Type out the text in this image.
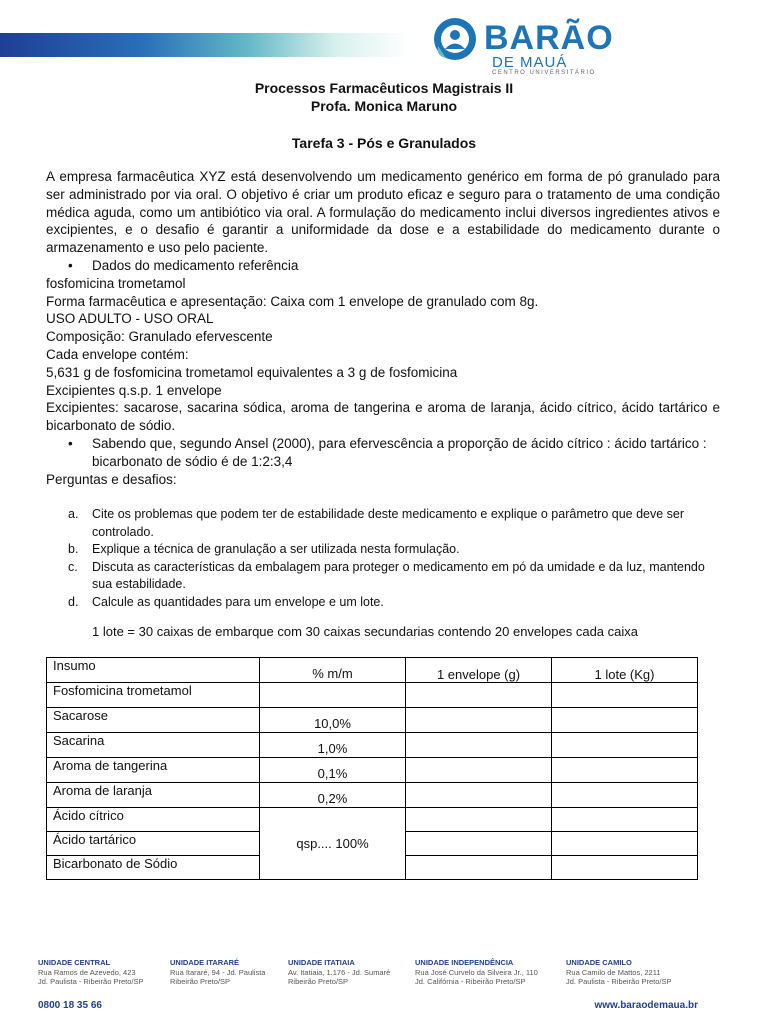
BARÃO
DE MAUÁ
CENTRO UNIVERSITÁRIO
Processos Farmacêuticos Magistrais II
Profa. Monica Maruno
Tarefa 3 - Pós e Granulados

A empresa farmacêutica XYZ está desenvolvendo um medicamento genérico em forma de pó granulado para ser administrado por via oral. O objetivo é criar um produto eficaz e seguro para o tratamento de uma condição médica aguda, como um antibiótico via oral. A formulação do medicamento inclui diversos ingredientes ativos e excipientes, e o desafio é garantir a uniformidade da dose e a estabilidade do medicamento durante o armazenamento e uso pelo paciente.

• Dados do medicamento referência

fosfomicina trometamol

Forma farmacêutica e apresentação: Caixa com 1 envelope de granulado com 8g.

USO ADULTO - USO ORAL

Composição: Granulado efervescente

Cada envelope contém:

5,631 g de fosfomicina trometamol equivalentes a 3 g de fosfomicina

Excipientes q.s.p. 1 envelope

Excipientes: sacarose, sacarina sódica, aroma de tangerina e aroma de laranja, ácido cítrico, ácido tartárico e bicarbonato de sódio.

• Sabendo que, segundo Ansel (2000), para efervescência a proporção de ácido cítrico : ácido tartárico : bicarbonato de sódio é de 1:2:3,4

Perguntas e desafios:

a. Cite os problemas que podem ter de estabilidade deste medicamento e explique o parâmetro que deve ser controlado.

b. Explique a técnica de granulação a ser utilizada nesta formulação.

c. Discuta as características da embalagem para proteger o medicamento em pó da umidade e da luz, mantendo sua estabilidade.

d. Calcule as quantidades para um envelope e um lote.

1 lote = 30 caixas de embarque com 30 caixas secundarias contendo 20 envelopes cada caixa
Insumo	% m/m	1 envelope (g)	1 lote (Kg)
Fosfomicina trometamol			
Sacarose	10,0%		
Sacarina	1,0%		
Aroma de tangerina	0,1%		
Aroma de laranja	0,2%		
Ácido cítrico	qsp.... 100%		
Ácido tartárico			
Bicarbonato de Sódio			
UNIDADE CENTRAL
Rua Ramos de Azevedo, 423
Jd. Paulista - Ribeirão Preto/SP
UNIDADE ITARARÉ
Rua Itararé, 94 - Jd. Paulista
Ribeirão Preto/SP
UNIDADE ITATIAIA
Av. Itatiaia, 1.176 - Jd. Sumaré
Ribeirão Preto/SP
UNIDADE INDEPENDÊNCIA
Rua José Curvelo da Silveira Jr., 110
Jd. Califórnia - Ribeirão Preto/SP
UNIDADE CAMILO
Rua Camilo de Mattos, 2211
Jd. Paulista - Ribeirão Preto/SP
0800 18 35 66	www.baraodemaua.br
